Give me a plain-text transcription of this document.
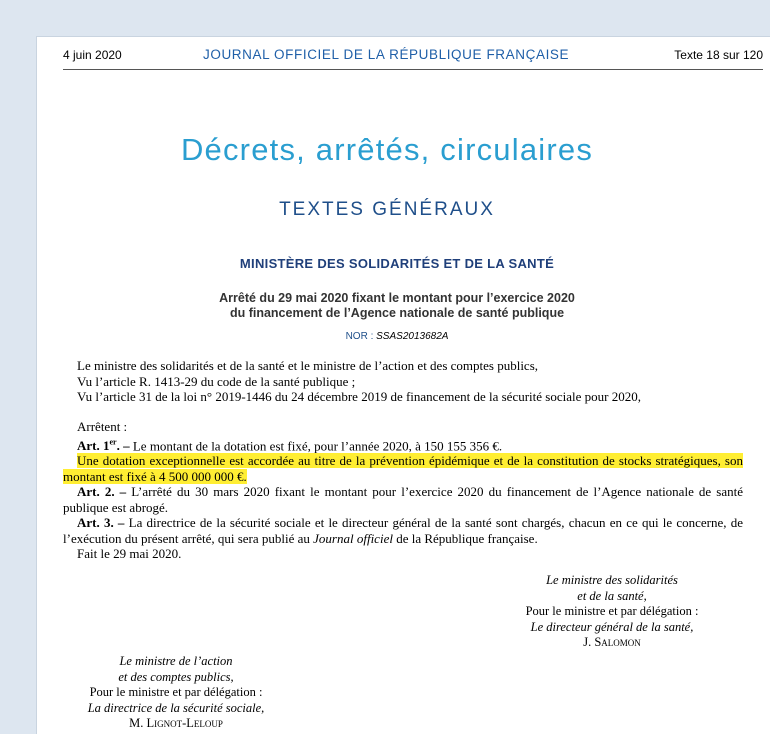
4 juin 2020	JOURNAL OFFICIEL DE LA RÉPUBLIQUE FRANÇAISE	Texte 18 sur 120
Décrets, arrêtés, circulaires
TEXTES GÉNÉRAUX
MINISTÈRE DES SOLIDARITÉS ET DE LA SANTÉ
Arrêté du 29 mai 2020 fixant le montant pour l’exercice 2020
du financement de l’Agence nationale de santé publique
NOR : SSAS2013682A
Le ministre des solidarités et de la santé et le ministre de l’action et des comptes publics,
Vu l’article R. 1413-29 du code de la santé publique ;
Vu l’article 31 de la loi n° 2019-1446 du 24 décembre 2019 de financement de la sécurité sociale pour 2020,
Arrêtent :
Art. 1er. – Le montant de la dotation est fixé, pour l’année 2020, à 150 155 356 €.
Une dotation exceptionnelle est accordée au titre de la prévention épidémique et de la constitution de stocks stratégiques, son montant est fixé à 4 500 000 000 €.
Art. 2. – L’arrêté du 30 mars 2020 fixant le montant pour l’exercice 2020 du financement de l’Agence nationale de santé publique est abrogé.
Art. 3. – La directrice de la sécurité sociale et le directeur général de la santé sont chargés, chacun en ce qui le concerne, de l’exécution du présent arrêté, qui sera publié au Journal officiel de la République française.
Fait le 29 mai 2020.
Le ministre des solidarités
et de la santé,
Pour le ministre et par délégation :
Le directeur général de la santé,
J. Salomon
Le ministre de l’action
et des comptes publics,
Pour le ministre et par délégation :
La directrice de la sécurité sociale,
M. Lignot-Leloup
